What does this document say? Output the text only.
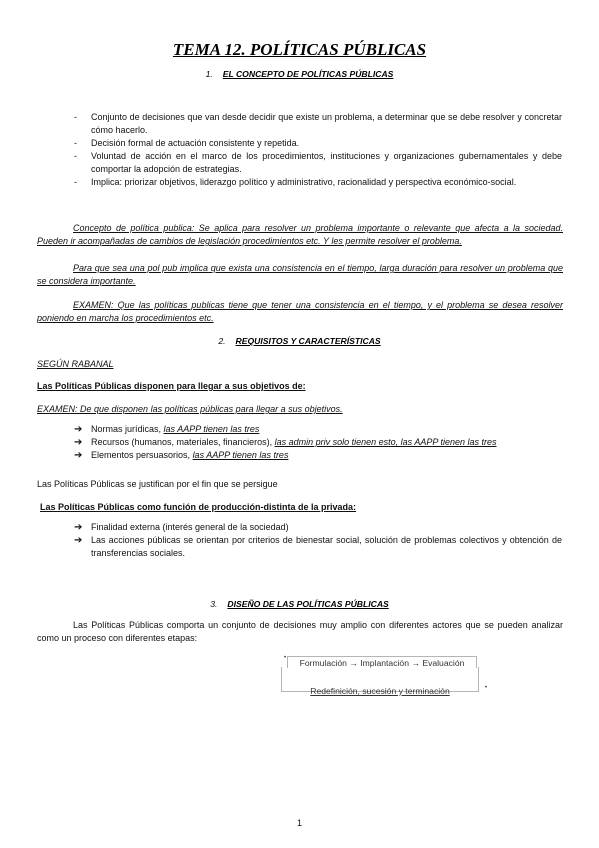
TEMA 12. POLÍTICAS PÚBLICAS
1. EL CONCEPTO DE POLÍTICAS PÚBLICAS
- Conjunto de decisiones que van desde decidir que existe un problema, a determinar que se debe resolver y concretar cómo hacerlo.
- Decisión formal de actuación consistente y repetida.
- Voluntad de acción en el marco de los procedimientos, instituciones y organizaciones gubernamentales y debe comportar la adopción de estrategias.
- Implica: priorizar objetivos, liderazgo político y administrativo, racionalidad y perspectiva económico-social.
Concepto de política publica: Se aplica para resolver un problema importante o relevante que afecta a la sociedad. Pueden ir acompañadas de cambios de legislación procedimientos etc. Y les permite resolver el problema.
Para que sea una pol pub implica que exista una consistencia en el tiempo, larga duración para resolver un problema que se considera importante.
EXAMEN: Que las políticas publicas tiene que tener una consistencia en el tiempo, y el problema se desea resolver poniendo en marcha los procedimientos etc.
2. REQUISITOS Y CARACTERÍSTICAS
SEGÚN RABANAL
Las Políticas Públicas disponen para llegar a sus objetivos de:
EXAMEN: De que disponen las políticas públicas para llegar a sus objetivos.
➔ Normas jurídicas, las AAPP tienen las tres
➔ Recursos (humanos, materiales, financieros), las admin priv solo tienen esto, las AAPP tienen las tres
➔ Elementos persuasorios, las AAPP tienen las tres
Las Políticas Públicas se justifican por el fin que se persigue
Las Políticas Públicas como función de producción-distinta de la privada:
➔ Finalidad externa (interés general de la sociedad)
➔ Las acciones públicas se orientan por criterios de bienestar social, solución de problemas colectivos y obtención de transferencias sociales.
3. DISEÑO DE LAS POLÍTICAS PÚBLICAS
Las Políticas Públicas comporta un conjunto de decisiones muy amplio con diferentes actores que se pueden analizar como un proceso con diferentes etapas:
•
•
Formulación → Implantación → Evaluación
Redefinición, sucesión y terminación
1
